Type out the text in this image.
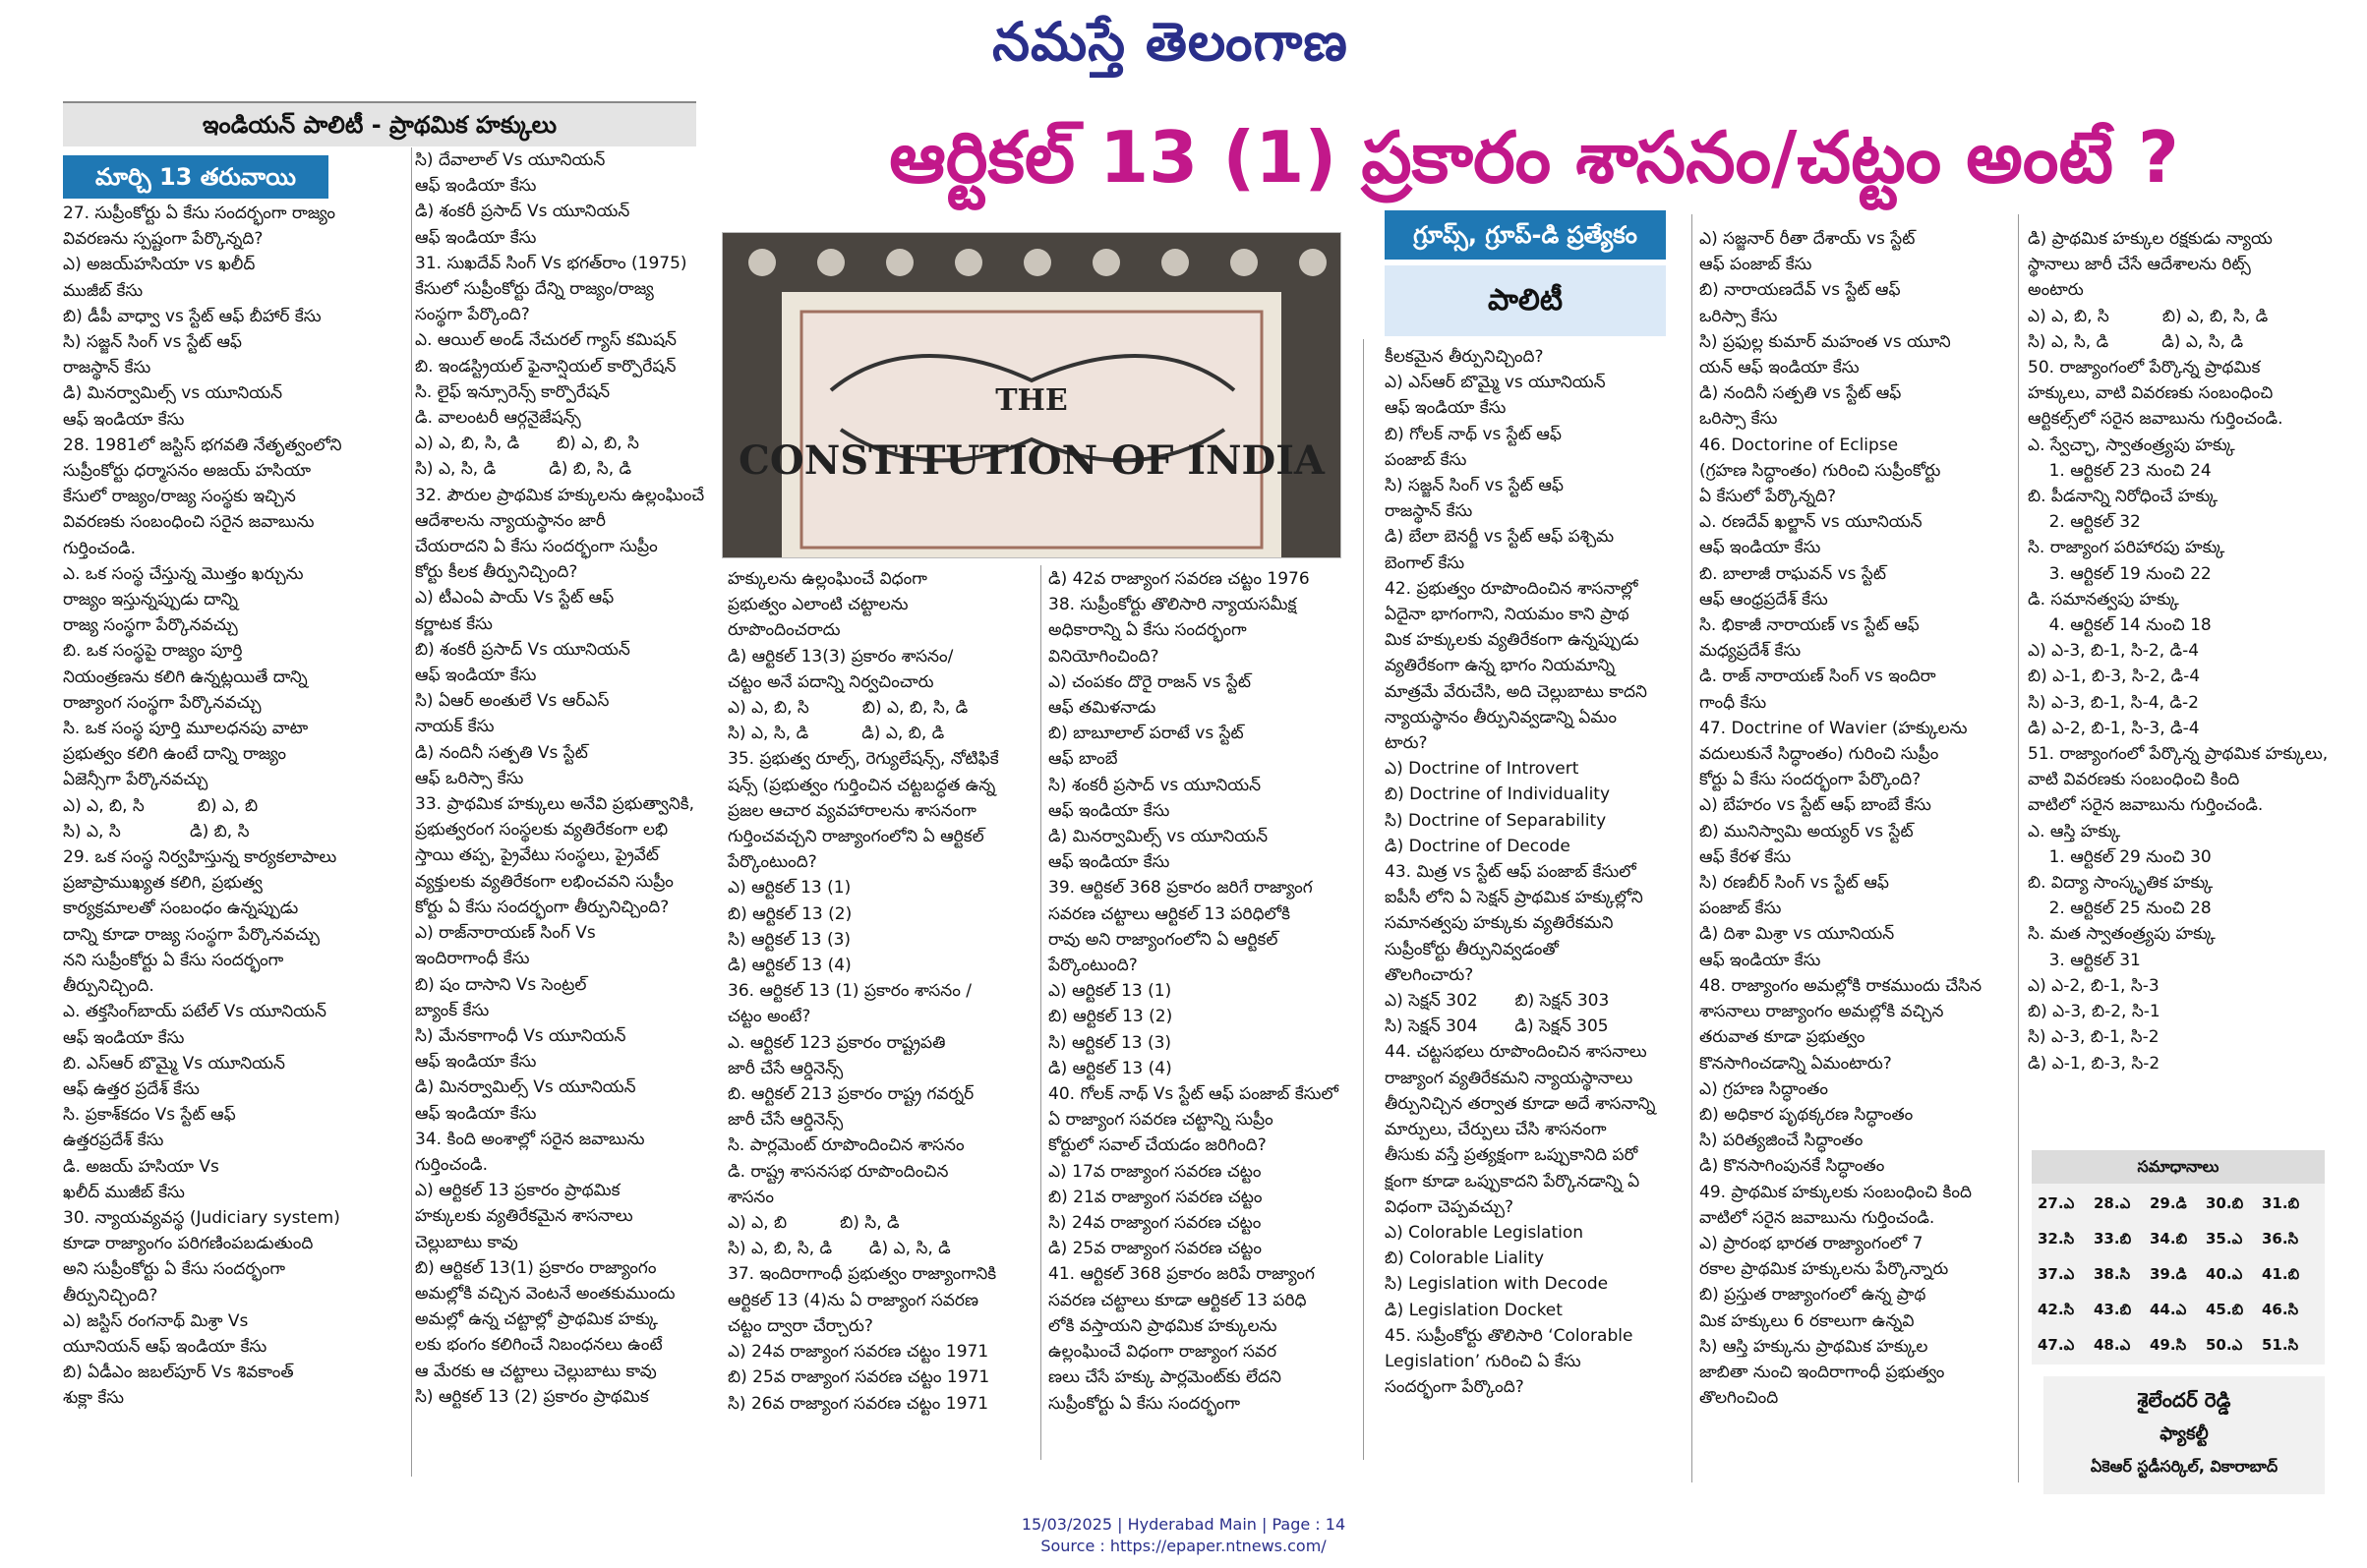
నమస్తే తెలంగాణ
ఇండియన్ పాలిటీ - ప్రాథమిక హక్కులు
మార్చి 13 తరువాయి	ఆర్టికల్ 13 (1) ప్రకారం శాసనం/చట్టం అంటే ?
గ్రూప్స్, గ్రూప్-డి ప్రత్యేకం
పాలిటీ
THE
CONSTITUTION OF INDIA

27. సుప్రీంకోర్టు ఏ కేసు సందర్భంగా రాజ్యం

వివరణను స్పష్టంగా పేర్కొన్నది?

ఎ) అజయ్‌హసియా vs ఖలీద్

ముజీబ్ కేసు

బి) డీపీ వాధ్వా vs స్టేట్ ఆఫ్ బీహార్ కేసు

సి) సజ్జన్ సింగ్ vs స్టేట్ ఆఫ్

రాజస్థాన్ కేసు

డి) మినర్వామిల్స్ vs యూనియన్

ఆఫ్ ఇండియా కేసు

28. 1981లో జస్టిస్ భగవతి నేతృత్వంలోని

సుప్రీంకోర్టు ధర్మాసనం అజయ్ హసియా

కేసులో రాజ్యం/రాజ్య సంస్థకు ఇచ్చిన

వివరణకు సంబంధించి సరైన జవాబును

గుర్తించండి.

ఎ. ఒక సంస్థ చేస్తున్న మొత్తం ఖర్చును

రాజ్యం ఇస్తున్నప్పుడు దాన్ని

రాజ్య సంస్థగా పేర్కొనవచ్చు

బి. ఒక సంస్థపై రాజ్యం పూర్తి

నియంత్రణను కలిగి ఉన్నట్లయితే దాన్ని

రాజ్యాంగ సంస్థగా పేర్కొనవచ్చు

సి. ఒక సంస్థ పూర్తి మూలధనపు వాటా

ప్రభుత్వం కలిగి ఉంటే దాన్ని రాజ్యం

ఏజెన్సీగా పేర్కొనవచ్చు

ఎ) ఎ, బి, సి          బి) ఎ, బి

సి) ఎ, సి             డి) బి, సి

29. ఒక సంస్థ నిర్వహిస్తున్న కార్యకలాపాలు

ప్రజాప్రాముఖ్యత కలిగి, ప్రభుత్వ

కార్యక్రమాలతో సంబంధం ఉన్నప్పుడు

దాన్ని కూడా రాజ్య సంస్థగా పేర్కొనవచ్చు

నని సుప్రీంకోర్టు ఏ కేసు సందర్భంగా

తీర్పునిచ్చింది.

ఎ. తక్తసింగ్‌బాయ్ పటేల్ Vs యూనియన్

ఆఫ్ ఇండియా కేసు

బి. ఎస్ఆర్ బొమ్మై Vs యూనియన్

ఆఫ్ ఉత్తర ప్రదేశ్ కేసు

సి. ప్రకాశ్‌కదం Vs స్టేట్ ఆఫ్

ఉత్తరప్రదేశ్ కేసు

డి. అజయ్ హసియా Vs

ఖలీద్ ముజీబ్ కేసు

30. న్యాయవ్యవస్థ (Judiciary system)

కూడా రాజ్యాంగం పరిగణింపబడుతుంది

అని సుప్రీంకోర్టు ఏ కేసు సందర్భంగా

తీర్పునిచ్చింది?

ఎ) జస్టిస్ రంగనాథ్ మిశ్రా Vs

యూనియన్ ఆఫ్ ఇండియా కేసు

బి) ఏడీఎం జబల్‌పూర్ Vs శివకాంత్

శుక్లా కేసు

సి) దేవాలాల్ Vs యూనియన్

ఆఫ్ ఇండియా కేసు

డి) శంకరీ ప్రసాద్ Vs యూనియన్

ఆఫ్ ఇండియా కేసు

31. సుఖదేవ్ సింగ్ Vs భగత్‌రాం (1975)

కేసులో సుప్రీంకోర్టు దేన్ని రాజ్యం/రాజ్య

సంస్థగా పేర్కొంది?

ఎ. ఆయిల్ అండ్ నేచురల్ గ్యాస్ కమిషన్

బి. ఇండస్ట్రియల్ ఫైనాన్షియల్ కార్పొరేషన్

సి. లైఫ్ ఇన్సూరెన్స్ కార్పొరేషన్

డి. వాలంటరీ ఆర్గనైజేషన్స్

ఎ) ఎ, బి, సి, డి       బి) ఎ, బి, సి

సి) ఎ, సి, డి          డి) బి, సి, డి

32. పౌరుల ప్రాథమిక హక్కులను ఉల్లంఘించే

ఆదేశాలను న్యాయస్థానం జారీ

చేయరాదని ఏ కేసు సందర్భంగా సుప్రీం

కోర్టు కీలక తీర్పునిచ్చింది?

ఎ) టీఎంఏ పాయ్ Vs స్టేట్ ఆఫ్

కర్ణాటక కేసు

బి) శంకరీ ప్రసాద్ Vs యూనియన్

ఆఫ్ ఇండియా కేసు

సి) ఏఆర్ అంతులే Vs ఆర్ఎస్

నాయక్ కేసు

డి) నందినీ సత్పతి Vs స్టేట్

ఆఫ్ ఒరిస్సా కేసు

33. ప్రాథమిక హక్కులు అనేవి ప్రభుత్వానికి,

ప్రభుత్వరంగ సంస్థలకు వ్యతిరేకంగా లభి

స్తాయి తప్ప, ప్రైవేటు సంస్థలు, ప్రైవేట్

వ్యక్తులకు వ్యతిరేకంగా లభించవని సుప్రీం

కోర్టు ఏ కేసు సందర్భంగా తీర్పునిచ్చింది?

ఎ) రాజ్‌నారాయణ్ సింగ్ Vs

ఇందిరాగాంధీ కేసు

బి) షం దాసాని Vs సెంట్రల్

బ్యాంక్ కేసు

సి) మేనకాగాంధీ Vs యూనియన్

ఆఫ్ ఇండియా కేసు

డి) మినర్వామిల్స్ Vs యూనియన్

ఆఫ్ ఇండియా కేసు

34. కింది అంశాల్లో సరైన జవాబును

గుర్తించండి.

ఎ) ఆర్టికల్ 13 ప్రకారం ప్రాథమిక

హక్కులకు వ్యతిరేకమైన శాసనాలు

చెల్లుబాటు కావు

బి) ఆర్టికల్ 13(1) ప్రకారం రాజ్యాంగం

అమల్లోకి వచ్చిన వెంటనే అంతకుముందు

అమల్లో ఉన్న చట్టాల్లో ప్రాథమిక హక్కు

లకు భంగం కలిగించే నిబంధనలు ఉంటే

ఆ మేరకు ఆ చట్టాలు చెల్లుబాటు కావు

సి) ఆర్టికల్ 13 (2) ప్రకారం ప్రాథమిక

హక్కులను ఉల్లంఘించే విధంగా

ప్రభుత్వం ఎలాంటి చట్టాలను

రూపొందించరాదు

డి) ఆర్టికల్ 13(3) ప్రకారం శాసనం/

చట్టం అనే పదాన్ని నిర్వచించారు

ఎ) ఎ, బి, సి          బి) ఎ, బి, సి, డి

సి) ఎ, సి, డి          డి) ఎ, బి, డి

35. ప్రభుత్వ రూల్స్, రెగ్యులేషన్స్, నోటిఫికే

షన్స్ (ప్రభుత్వం గుర్తించిన చట్టబద్ధత ఉన్న

ప్రజల ఆచార వ్యవహారాలను శాసనంగా

గుర్తించవచ్చని రాజ్యాంగంలోని ఏ ఆర్టికల్

పేర్కొంటుంది?

ఎ) ఆర్టికల్ 13 (1)

బి) ఆర్టికల్ 13 (2)

సి) ఆర్టికల్ 13 (3)

డి) ఆర్టికల్ 13 (4)

36. ఆర్టికల్ 13 (1) ప్రకారం శాసనం /

చట్టం అంటే?

ఎ. ఆర్టికల్ 123 ప్రకారం రాష్ట్రపతి

జారీ చేసే ఆర్డినెన్స్

బి. ఆర్టికల్ 213 ప్రకారం రాష్ట్ర గవర్నర్

జారీ చేసే ఆర్డినెన్స్

సి. పార్లమెంట్ రూపొందించిన శాసనం

డి. రాష్ట్ర శాసనసభ రూపొందించిన

శాసనం

ఎ) ఎ, బి          బి) సి, డి

సి) ఎ, బి, సి, డి       డి) ఎ, సి, డి

37. ఇందిరాగాంధీ ప్రభుత్వం రాజ్యాంగానికి

ఆర్టికల్ 13 (4)ను ఏ రాజ్యాంగ సవరణ

చట్టం ద్వారా చేర్చారు?

ఎ) 24వ రాజ్యాంగ సవరణ చట్టం 1971

బి) 25వ రాజ్యాంగ సవరణ చట్టం 1971

సి) 26వ రాజ్యాంగ సవరణ చట్టం 1971

డి) 42వ రాజ్యాంగ సవరణ చట్టం 1976

38. సుప్రీంకోర్టు తొలిసారి న్యాయసమీక్ష

అధికారాన్ని ఏ కేసు సందర్భంగా

వినియోగించింది?

ఎ) చంపకం దొరై రాజన్ vs స్టేట్

ఆఫ్ తమిళనాడు

బి) బాబూలాల్ పరాటే vs స్టేట్

ఆఫ్ బాంబే

సి) శంకరీ ప్రసాద్ vs యూనియన్

ఆఫ్ ఇండియా కేసు

డి) మినర్వామిల్స్ vs యూనియన్

ఆఫ్ ఇండియా కేసు

39. ఆర్టికల్ 368 ప్రకారం జరిగే రాజ్యాంగ

సవరణ చట్టాలు ఆర్టికల్ 13 పరిధిలోకి

రావు అని రాజ్యాంగంలోని ఏ ఆర్టికల్

పేర్కొంటుంది?

ఎ) ఆర్టికల్ 13 (1)

బి) ఆర్టికల్ 13 (2)

సి) ఆర్టికల్ 13 (3)

డి) ఆర్టికల్ 13 (4)

40. గోలక్ నాథ్ Vs స్టేట్ ఆఫ్ పంజాబ్ కేసులో

ఏ రాజ్యాంగ సవరణ చట్టాన్ని సుప్రీం

కోర్టులో సవాల్ చేయడం జరిగింది?

ఎ) 17వ రాజ్యాంగ సవరణ చట్టం

బి) 21వ రాజ్యాంగ సవరణ చట్టం

సి) 24వ రాజ్యాంగ సవరణ చట్టం

డి) 25వ రాజ్యాంగ సవరణ చట్టం

41. ఆర్టికల్ 368 ప్రకారం జరిపే రాజ్యాంగ

సవరణ చట్టాలు కూడా ఆర్టికల్ 13 పరిధి

లోకి వస్తాయని ప్రాథమిక హక్కులను

ఉల్లంఘించే విధంగా రాజ్యాంగ సవర

ణలు చేసే హక్కు పార్లమెంట్‌కు లేదని

సుప్రీంకోర్టు ఏ కేసు సందర్భంగా

కీలకమైన తీర్పునిచ్చింది?

ఎ) ఎస్ఆర్ బొమ్మై vs యూనియన్

ఆఫ్ ఇండియా కేసు

బి) గోలక్ నాథ్ vs స్టేట్ ఆఫ్

పంజాబ్ కేసు

సి) సజ్జన్ సింగ్ vs స్టేట్ ఆఫ్

రాజస్థాన్ కేసు

డి) బేలా బెనర్జీ vs స్టేట్ ఆఫ్ పశ్చిమ

బెంగాల్ కేసు

42. ప్రభుత్వం రూపొందించిన శాసనాల్లో

ఏదైనా భాగంగాని, నియమం కాని ప్రాథ

మిక హక్కులకు వ్యతిరేకంగా ఉన్నప్పుడు

వ్యతిరేకంగా ఉన్న భాగం నియమాన్ని

మాత్రమే వేరుచేసి, అది చెల్లుబాటు కాదని

న్యాయస్థానం తీర్పునివ్వడాన్ని ఏమం

టారు?

ఎ) Doctrine of Introvert

బి) Doctrine of Individuality

సి) Doctrine of Separability

డి) Doctrine of Decode

43. మిత్ర vs స్టేట్ ఆఫ్ పంజాబ్ కేసులో

ఐపీసీ లోని ఏ సెక్షన్ ప్రాథమిక హక్కుల్లోని

సమానత్వపు హక్కుకు వ్యతిరేకమని

సుప్రీంకోర్టు తీర్పునివ్వడంతో

తొలగించారు?

ఎ) సెక్షన్ 302       బి) సెక్షన్ 303

సి) సెక్షన్ 304       డి) సెక్షన్ 305

44. చట్టసభలు రూపొందించిన శాసనాలు

రాజ్యాంగ వ్యతిరేకమని న్యాయస్థానాలు

తీర్పునిచ్చిన తర్వాత కూడా అదే శాసనాన్ని

మార్పులు, చేర్పులు చేసి శాసనంగా

తీసుకు వస్తే ప్రత్యక్షంగా ఒప్పుకానిది పరో

క్షంగా కూడా ఒప్పుకాదని పేర్కొనడాన్ని ఏ

విధంగా చెప్పవచ్చు?

ఎ) Colorable Legislation

బి) Colorable Liality

సి) Legislation with Decode

డి) Legislation Docket

45. సుప్రీంకోర్టు తొలిసారి ‘Colorable

Legislation’ గురించి ఏ కేసు

సందర్భంగా పేర్కొంది?

ఎ) సజ్జనార్ రీతా దేశాయ్ vs స్టేట్

ఆఫ్ పంజాబ్ కేసు

బి) నారాయణదేవ్ vs స్టేట్ ఆఫ్

ఒరిస్సా కేసు

సి) ప్రఫుల్ల కుమార్ మహంత vs యూని

యన్ ఆఫ్ ఇండియా కేసు

డి) నందినీ సత్పతి vs స్టేట్ ఆఫ్

ఒరిస్సా కేసు

46. Doctorine of Eclipse

(గ్రహణ సిద్ధాంతం) గురించి సుప్రీంకోర్టు

ఏ కేసులో పేర్కొన్నది?

ఎ. రణదేవ్ ఖల్జాన్ vs యూనియన్

ఆఫ్ ఇండియా కేసు

బి. బాలాజీ రాఘవన్ vs స్టేట్

ఆఫ్ ఆంధ్రప్రదేశ్ కేసు

సి. భికాజీ నారాయణ్ vs స్టేట్ ఆఫ్

మధ్యప్రదేశ్ కేసు

డి. రాజ్ నారాయణ్ సింగ్ vs ఇందిరా

గాంధీ కేసు

47. Doctrine of Wavier (హక్కులను

వదులుకునే సిద్ధాంతం) గురించి సుప్రీం

కోర్టు ఏ కేసు సందర్భంగా పేర్కొంది?

ఎ) బేహరం vs స్టేట్ ఆఫ్ బాంబే కేసు

బి) మునిస్వామి అయ్యర్ vs స్టేట్

ఆఫ్ కేరళ కేసు

సి) రణబీర్ సింగ్ vs స్టేట్ ఆఫ్

పంజాబ్ కేసు

డి) దిశా మిశ్రా vs యూనియన్

ఆఫ్ ఇండియా కేసు

48. రాజ్యాంగం అమల్లోకి రాకముందు చేసిన

శాసనాలు రాజ్యాంగం అమల్లోకి వచ్చిన

తరువాత కూడా ప్రభుత్వం

కొనసాగించడాన్ని ఏమంటారు?

ఎ) గ్రహణ సిద్ధాంతం

బి) అధికార పృథక్కరణ సిద్ధాంతం

సి) పరిత్యజించే సిద్ధాంతం

డి) కొనసాగింపునకే సిద్ధాంతం

49. ప్రాథమిక హక్కులకు సంబంధించి కింది

వాటిలో సరైన జవాబును గుర్తించండి.

ఎ) ప్రారంభ భారత రాజ్యాంగంలో 7

రకాల ప్రాథమిక హక్కులను పేర్కొన్నారు

బి) ప్రస్తుత రాజ్యాంగంలో ఉన్న ప్రాథ

మిక హక్కులు 6 రకాలుగా ఉన్నవి

సి) ఆస్తి హక్కును ప్రాథమిక హక్కుల

జాబితా నుంచి ఇందిరాగాంధీ ప్రభుత్వం

తొలగించింది

డి) ప్రాథమిక హక్కుల రక్షకుడు న్యాయ

స్థానాలు జారీ చేసే ఆదేశాలను రిట్స్

అంటారు

ఎ) ఎ, బి, సి          బి) ఎ, బి, సి, డి

సి) ఎ, సి, డి          డి) ఎ, సి, డి

50. రాజ్యాంగంలో పేర్కొన్న ప్రాథమిక

హక్కులు, వాటి వివరణకు సంబంధించి

ఆర్టికల్స్‌లో సరైన జవాబును గుర్తించండి.

ఎ. స్వేచ్ఛా, స్వాతంత్ర్యపు హక్కు

1. ఆర్టికల్ 23 నుంచి 24

బి. పీడనాన్ని నిరోధించే హక్కు

2. ఆర్టికల్ 32

సి. రాజ్యాంగ పరిహారపు హక్కు

3. ఆర్టికల్ 19 నుంచి 22

డి. సమానత్వపు హక్కు

4. ఆర్టికల్ 14 నుంచి 18

ఎ) ఎ-3, బి-1, సి-2, డి-4

బి) ఎ-1, బి-3, సి-2, డి-4

సి) ఎ-3, బి-1, సి-4, డి-2

డి) ఎ-2, బి-1, సి-3, డి-4

51. రాజ్యాంగంలో పేర్కొన్న ప్రాథమిక హక్కులు,

వాటి వివరణకు సంబంధించి కింది

వాటిలో సరైన జవాబును గుర్తించండి.

ఎ. ఆస్తి హక్కు

1. ఆర్టికల్ 29 నుంచి 30

బి. విద్యా సాంస్కృతిక హక్కు

2. ఆర్టికల్ 25 నుంచి 28

సి. మత స్వాతంత్ర్యపు హక్కు

3. ఆర్టికల్ 31

ఎ) ఎ-2, బి-1, సి-3

బి) ఎ-3, బి-2, సి-1

సి) ఎ-3, బి-1, సి-2

డి) ఎ-1, బి-3, సి-2

సమాధానాలు
27.ఎ	28.ఎ	29.డి	30.బి	31.బి
32.సి	33.బి	34.బి	35.ఎ	36.సి
37.ఎ	38.సి	39.డి	40.ఎ	41.బి
42.సి	43.బి	44.ఎ	45.బి	46.సి
47.ఎ	48.ఎ	49.సి	50.ఎ	51.సి
శైలేందర్ రెడ్డి
ఫ్యాకల్టీ
ఏకెఆర్ స్టడీసర్కిల్, వికారాబాద్
15/03/2025 | Hyderabad Main | Page : 14
Source : https://epaper.ntnews.com/
